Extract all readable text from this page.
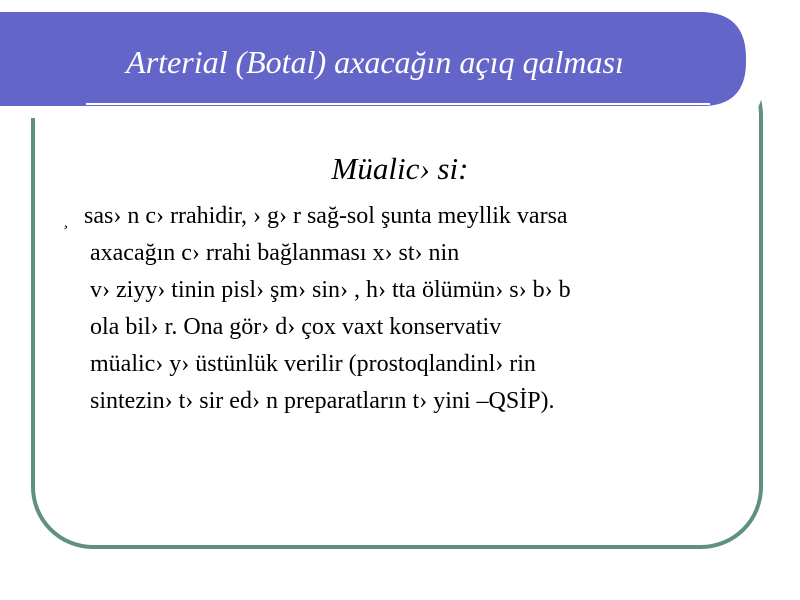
Arterial (Botal) axacağın açıq qalması
Müalic› si:
¸ sas› n c› rrahidir, › g› r sağ-sol şunta meyllik varsa
axacağın c› rrahi bağlanması x› st› nin
v› ziyy› tinin pisl› şm› sin› , h› tta ölümün› s› b› b
ola bil› r. Ona gör› d› çox vaxt konservativ
müalic› y› üstünlük verilir (prostoqlandinl› rin
sintezin› t› sir ed› n preparatların t› yini –QSİP).
